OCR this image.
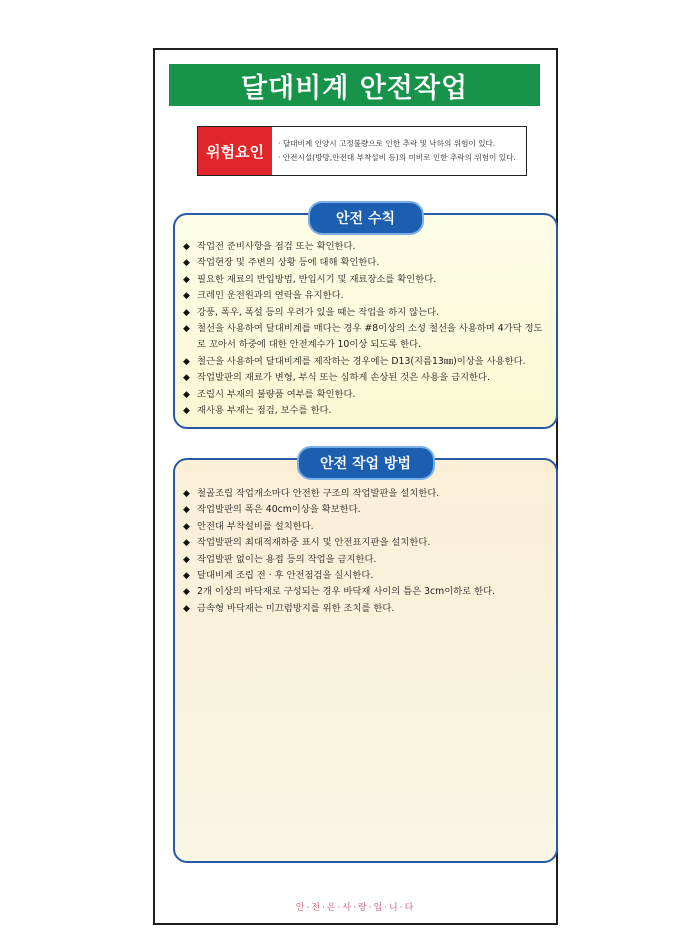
달대비계 안전작업
위험요인	· 달대비계 인양시 고정불량으로 인한 추락 및 낙하의 위험이 있다.
· 안전시설(방망,안전대 부착설비 등)의 미비로 인한 추락의 위험이 있다.
안전 수칙
◆ 작업전 준비사항을 점검 또는 확인한다.
◆ 작업현장 및 주변의 상황 등에 대해 확인한다.
◆ 필요한 재료의 반입방법, 반입시기 및 재료장소를 확인한다.
◆ 크레인 운전원과의 연락을 유지한다.
◆ 강풍, 폭우, 폭설 등의 우려가 있을 때는 작업을 하지 않는다.
◆ 철선을 사용하여 달대비계를 매다는 경우 #8이상의 소성 철선을 사용하며 4가닥 정도로 꼬아서 하중에 대한 안전계수가 10이상 되도록 한다.
◆ 철근을 사용하여 달대비계를 제작하는 경우에는 D13(지름13㎜)이상을 사용한다.
◆ 작업발판의 재료가 변형, 부식 또는 심하게 손상된 것은 사용을 금지한다.
◆ 조립시 부재의 불량품 여부를 확인한다.
◆ 재사용 부재는 점검, 보수를 한다.
안전 작업 방법
◆ 철골조립 작업개소마다 안전한 구조의 작업발판을 설치한다.
◆ 작업발판의 폭은 40cm이상을 확보한다.
◆ 안전대 부착설비를 설치한다.
◆ 작업발판의 최대적재하중 표시 및 안전표지판을 설치한다.
◆ 작업발판 없이는 용접 등의 작업을 금지한다.
◆ 달대비계 조립 전 · 후 안전점검을 실시한다.
◆ 2개 이상의 바닥재로 구성되는 경우 바닥재 사이의 틈은 3cm이하로 한다.
◆ 금속형 바닥재는 미끄럼방지를 위한 조치를 한다.
안·전·은·사·랑·입·니·다
